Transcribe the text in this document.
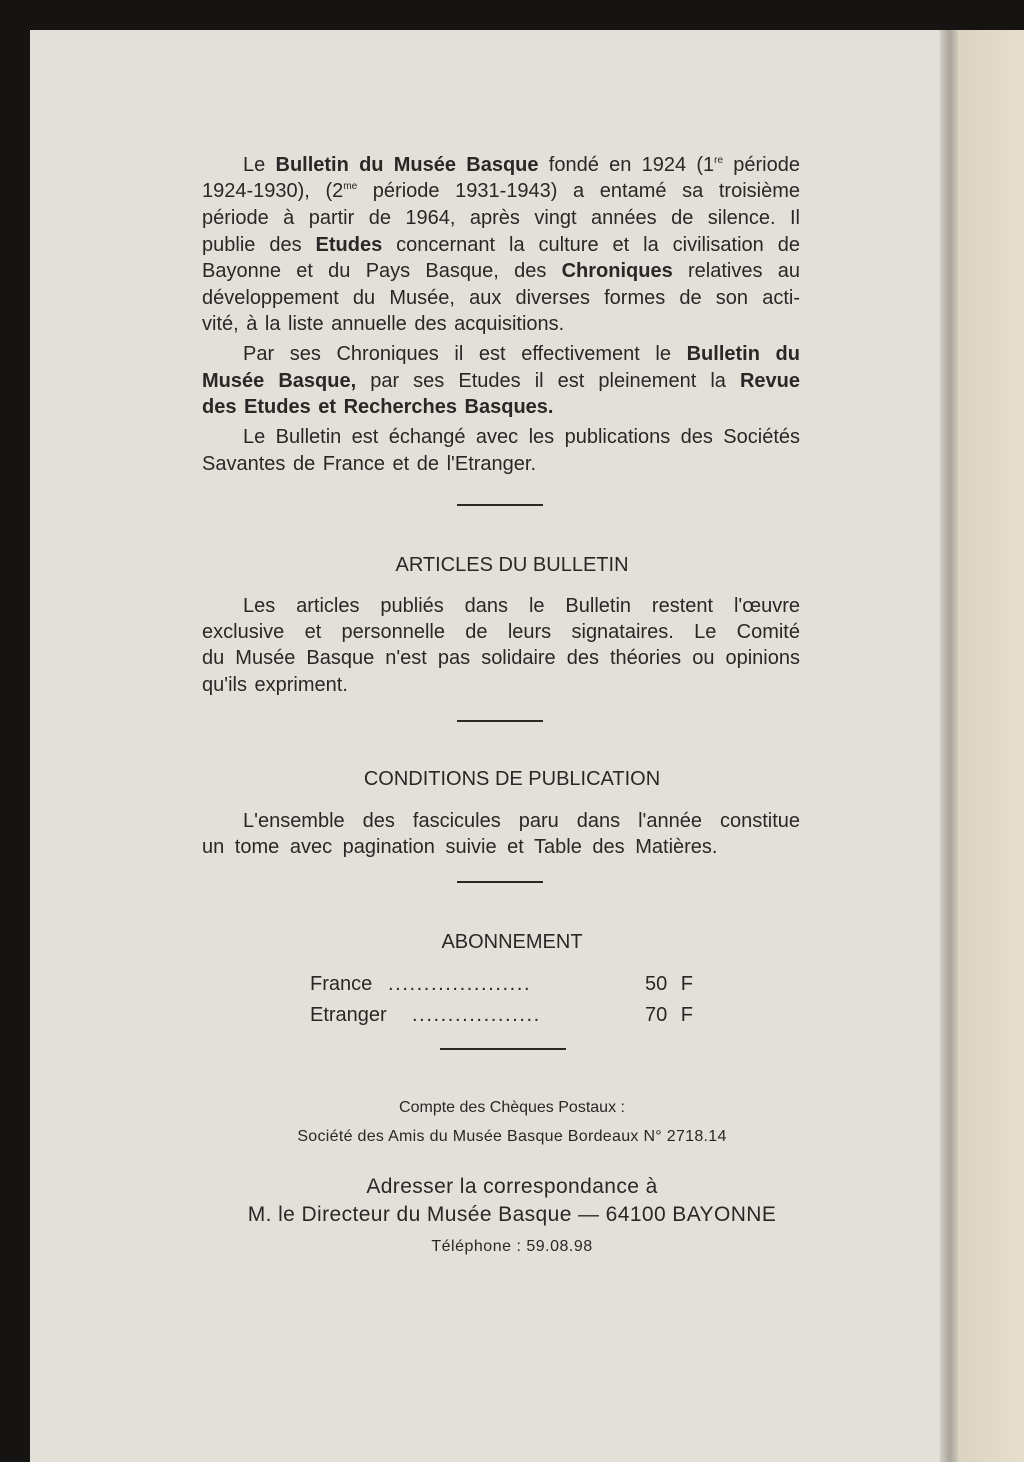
Le Bulletin du Musée Basque fondé en 1924 (1re période
1924-1930), ($2^{me}$ période 1931-1943) a entamé sa troisième
période à partir de 1964, après vingt années de silence. Il
publie des Etudes concernant la culture et la civilisation de
Bayonne et du Pays Basque, des Chroniques relatives au
développement du Musée, aux diverses formes de son acti-
vité, à la liste annuelle des acquisitions.
Par ses Chroniques il est effectivement le Bulletin du
Musée Basque, par ses Etudes il est pleinement la Revue
des Etudes et Recherches Basques.
Le Bulletin est échangé avec les publications des Sociétés
Savantes de France et de l'Etranger.
Les articles publiés dans le Bulletin restent l'œuvre
exclusive et personnelle de leurs signataires. Le Comité
du Musée Basque n'est pas solidaire des théories ou opinions
qu'ils expriment.
L'ensemble des fascicules paru dans l'année constitue
un tome avec pagination suivie et Table des Matières.
ARTICLES DU BULLETIN
CONDITIONS DE PUBLICATION
ABONNEMENT
France ....................	50 F
Etranger ..................	70 F
Compte des Chèques Postaux :
Société des Amis du Musée Basque Bordeaux N° 2718.14
Adresser la correspondance à
M. le Directeur du Musée Basque — 64100 BAYONNE
Téléphone : 59.08.98
